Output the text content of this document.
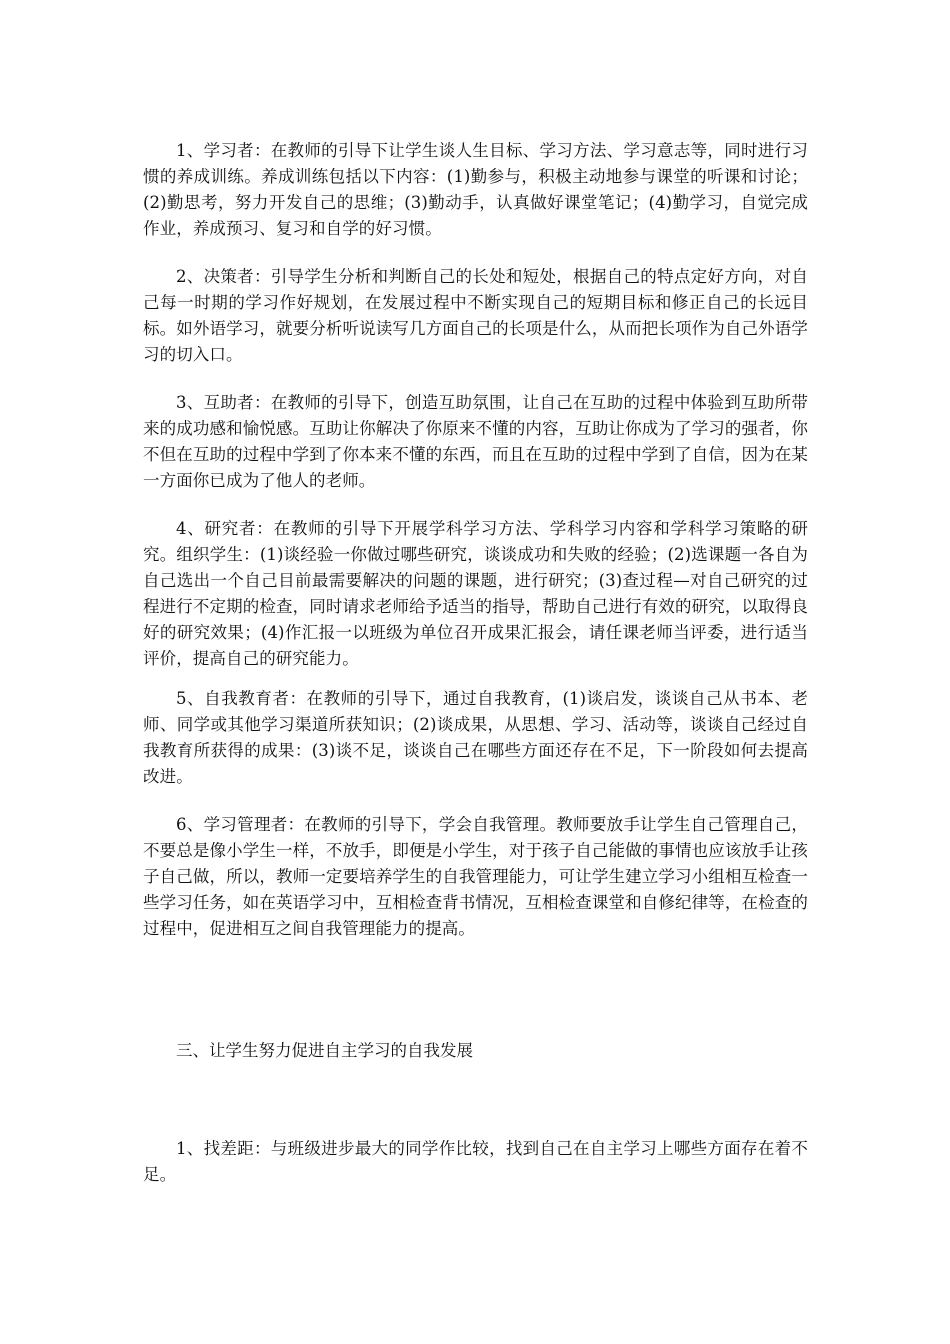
1、学习者：在教师的引导下让学生谈人生目标、学习方法、学习意志等，同时进行习惯的养成训练。养成训练包括以下内容：(1)勤参与，积极主动地参与课堂的听课和讨论；(2)勤思考，努力开发自己的思维；(3)勤动手，认真做好课堂笔记；(4)勤学习，自觉完成作业，养成预习、复习和自学的好习惯。

2、决策者：引导学生分析和判断自己的长处和短处，根据自己的特点定好方向，对自己每一时期的学习作好规划，在发展过程中不断实现自己的短期目标和修正自己的长远目标。如外语学习，就要分析听说读写几方面自己的长项是什么，从而把长项作为自己外语学习的切入口。

3、互助者：在教师的引导下，创造互助氛围，让自己在互助的过程中体验到互助所带来的成功感和愉悦感。互助让你解决了你原来不懂的内容，互助让你成为了学习的强者，你不但在互助的过程中学到了你本来不懂的东西，而且在互助的过程中学到了自信，因为在某一方面你已成为了他人的老师。

4、研究者：在教师的引导下开展学科学习方法、学科学习内容和学科学习策略的研究。组织学生：(1)谈经验一你做过哪些研究，谈谈成功和失败的经验；(2)选课题一各自为自己选出一个自己目前最需要解决的问题的课题，进行研究；(3)查过程—对自己研究的过程进行不定期的检查，同时请求老师给予适当的指导，帮助自己进行有效的研究，以取得良好的研究效果；(4)作汇报一以班级为单位召开成果汇报会，请任课老师当评委，进行适当评价，提高自己的研究能力。

5、自我教育者：在教师的引导下，通过自我教育，(1)谈启发，谈谈自己从书本、老师、同学或其他学习渠道所获知识；(2)谈成果，从思想、学习、活动等，谈谈自己经过自我教育所获得的成果：(3)谈不足，谈谈自己在哪些方面还存在不足，下一阶段如何去提高改进。

6、学习管理者：在教师的引导下，学会自我管理。教师要放手让学生自己管理自己，不要总是像小学生一样，不放手，即便是小学生，对于孩子自己能做的事情也应该放手让孩子自己做，所以，教师一定要培养学生的自我管理能力，可让学生建立学习小组相互检查一些学习任务，如在英语学习中，互相检查背书情况，互相检查课堂和自修纪律等，在检查的过程中，促进相互之间自我管理能力的提高。

三、让学生努力促进自主学习的自我发展

1、找差距：与班级进步最大的同学作比较，找到自己在自主学习上哪些方面存在着不足。
